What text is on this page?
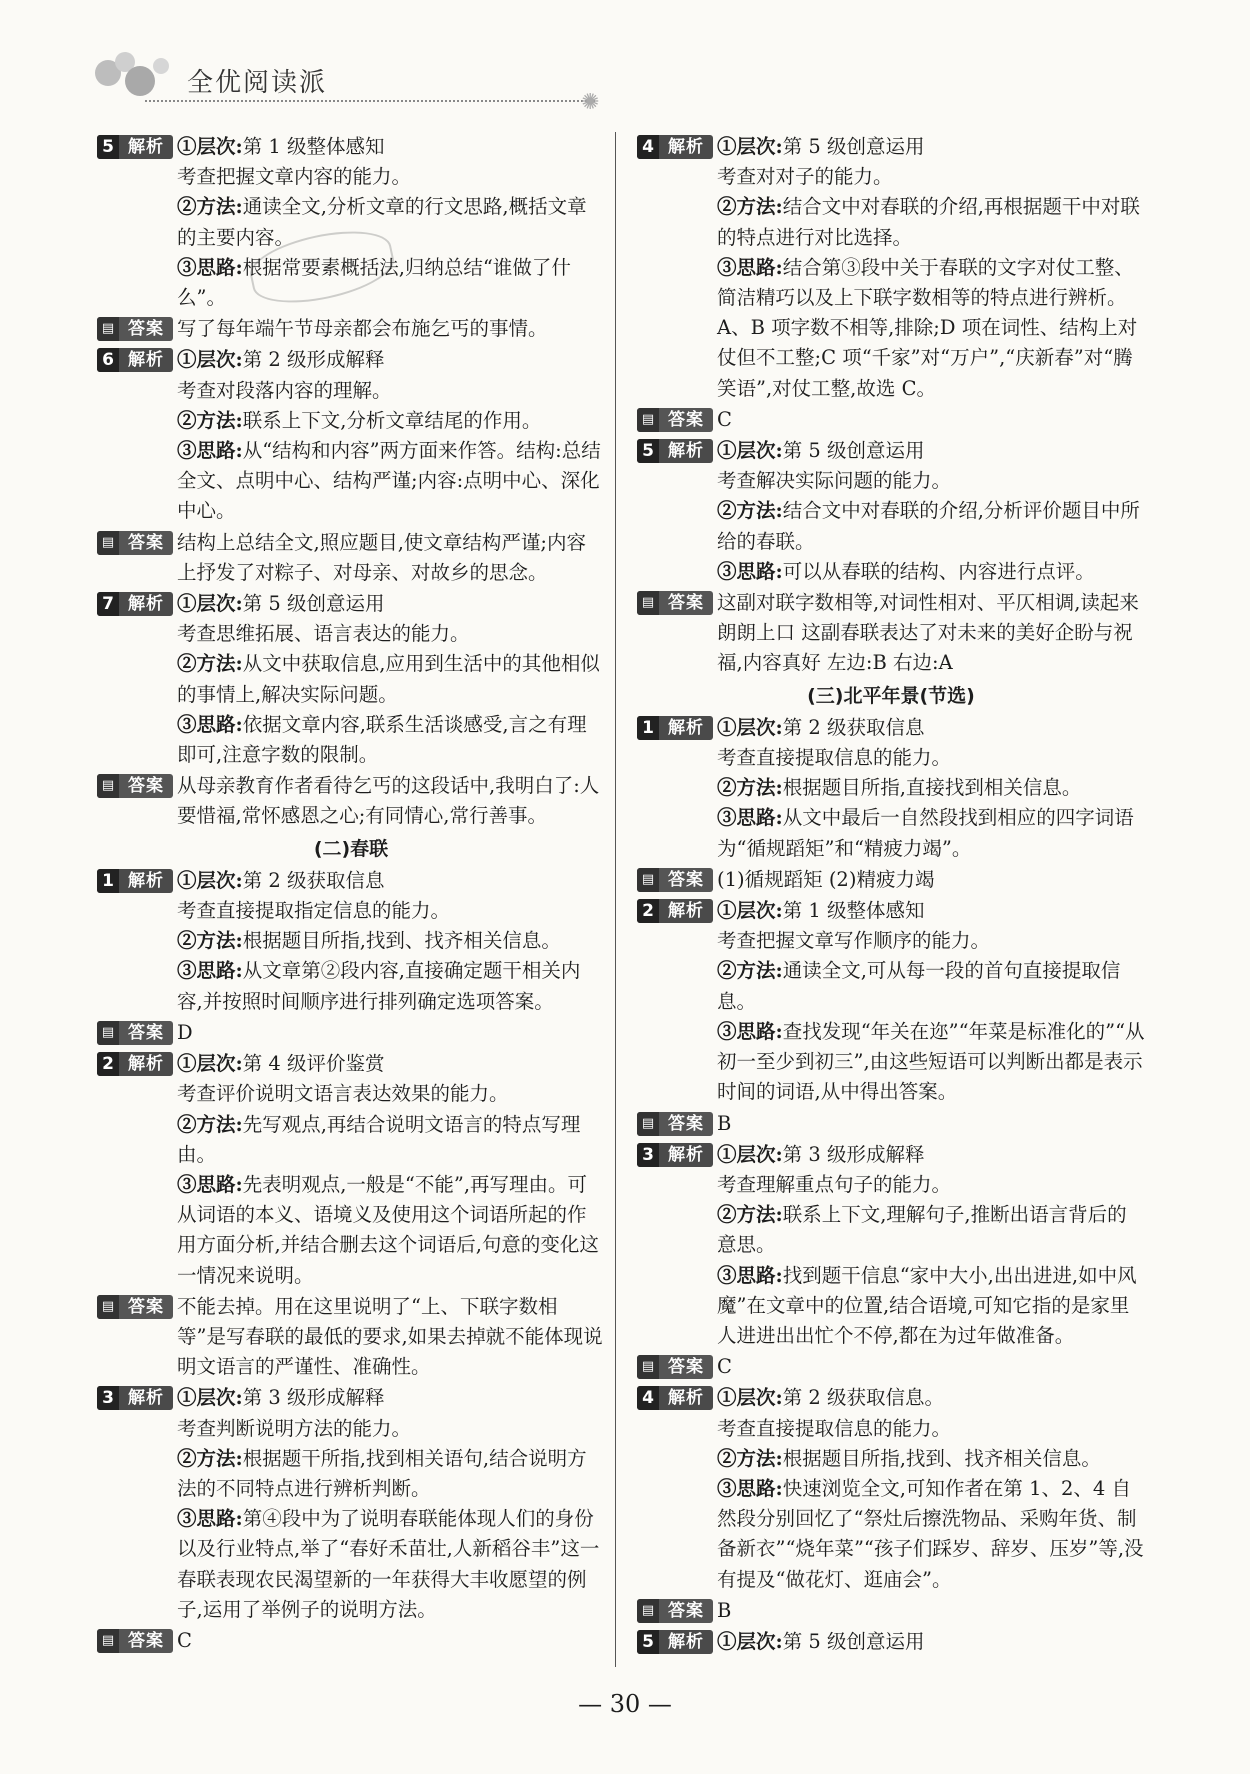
全优阅读派
✺
5 解析 ①层次:第 1 级整体感知

考查把握文章内容的能力。

②方法:通读全文,分析文章的行文思路,概括文章的主要内容。

③思路:根据常要素概括法,归纳总结“谁做了什么”。

▤ 答案 写了每年端午节母亲都会布施乞丐的事情。
6 解析 ①层次:第 2 级形成解释

考查对段落内容的理解。

②方法:联系上下文,分析文章结尾的作用。

③思路:从“结构和内容”两方面来作答。结构:总结全文、点明中心、结构严谨;内容:点明中心、深化中心。

▤ 答案 结构上总结全文,照应题目,使文章结构严谨;内容上抒发了对粽子、对母亲、对故乡的思念。
7 解析 ①层次:第 5 级创意运用

考查思维拓展、语言表达的能力。

②方法:从文中获取信息,应用到生活中的其他相似的事情上,解决实际问题。

③思路:依据文章内容,联系生活谈感受,言之有理即可,注意字数的限制。

▤ 答案 从母亲教育作者看待乞丐的这段话中,我明白了:人要惜福,常怀感恩之心;有同情心,常行善事。
(二)春联
1 解析 ①层次:第 2 级获取信息

考查直接提取指定信息的能力。

②方法:根据题目所指,找到、找齐相关信息。

③思路:从文章第②段内容,直接确定题干相关内容,并按照时间顺序进行排列确定选项答案。

▤ 答案 D
2 解析 ①层次:第 4 级评价鉴赏

考查评价说明文语言表达效果的能力。

②方法:先写观点,再结合说明文语言的特点写理由。

③思路:先表明观点,一般是“不能”,再写理由。可从词语的本义、语境义及使用这个词语所起的作用方面分析,并结合删去这个词语后,句意的变化这一情况来说明。

▤ 答案 不能去掉。用在这里说明了“上、下联字数相等”是写春联的最低的要求,如果去掉就不能体现说明文语言的严谨性、准确性。
3 解析 ①层次:第 3 级形成解释

考查判断说明方法的能力。

②方法:根据题干所指,找到相关语句,结合说明方法的不同特点进行辨析判断。

③思路:第④段中为了说明春联能体现人们的身份以及行业特点,举了“春好禾苗壮,人新稻谷丰”这一春联表现农民渴望新的一年获得大丰收愿望的例子,运用了举例子的说明方法。

▤ 答案 C
4 解析 ①层次:第 5 级创意运用

考查对对子的能力。

②方法:结合文中对春联的介绍,再根据题干中对联的特点进行对比选择。

③思路:结合第③段中关于春联的文字对仗工整、简洁精巧以及上下联字数相等的特点进行辨析。A、B 项字数不相等,排除;D 项在词性、结构上对仗但不工整;C 项“千家”对“万户”,“庆新春”对“腾笑语”,对仗工整,故选 C。

▤ 答案 C
5 解析 ①层次:第 5 级创意运用

考查解决实际问题的能力。

②方法:结合文中对春联的介绍,分析评价题目中所给的春联。

③思路:可以从春联的结构、内容进行点评。

▤ 答案 这副对联字数相等,对词性相对、平仄相调,读起来朗朗上口 这副春联表达了对未来的美好企盼与祝福,内容真好 左边:B 右边:A
(三)北平年景(节选)
1 解析 ①层次:第 2 级获取信息

考查直接提取信息的能力。

②方法:根据题目所指,直接找到相关信息。

③思路:从文中最后一自然段找到相应的四字词语为“循规蹈矩”和“精疲力竭”。

▤ 答案 (1)循规蹈矩 (2)精疲力竭
2 解析 ①层次:第 1 级整体感知

考查把握文章写作顺序的能力。

②方法:通读全文,可从每一段的首句直接提取信息。

③思路:查找发现“年关在迩”“年菜是标准化的”“从初一至少到初三”,由这些短语可以判断出都是表示时间的词语,从中得出答案。

▤ 答案 B
3 解析 ①层次:第 3 级形成解释

考查理解重点句子的能力。

②方法:联系上下文,理解句子,推断出语言背后的意思。

③思路:找到题干信息“家中大小,出出进进,如中风魔”在文章中的位置,结合语境,可知它指的是家里人进进出出忙个不停,都在为过年做准备。

▤ 答案 C
4 解析 ①层次:第 2 级获取信息。

考查直接提取信息的能力。

②方法:根据题目所指,找到、找齐相关信息。

③思路:快速浏览全文,可知作者在第 1、2、4 自然段分别回忆了“祭灶后擦洗物品、采购年货、制备新衣”“烧年菜”“孩子们踩岁、辞岁、压岁”等,没有提及“做花灯、逛庙会”。

▤ 答案 B
5 解析 ①层次:第 5 级创意运用

— 30 —
